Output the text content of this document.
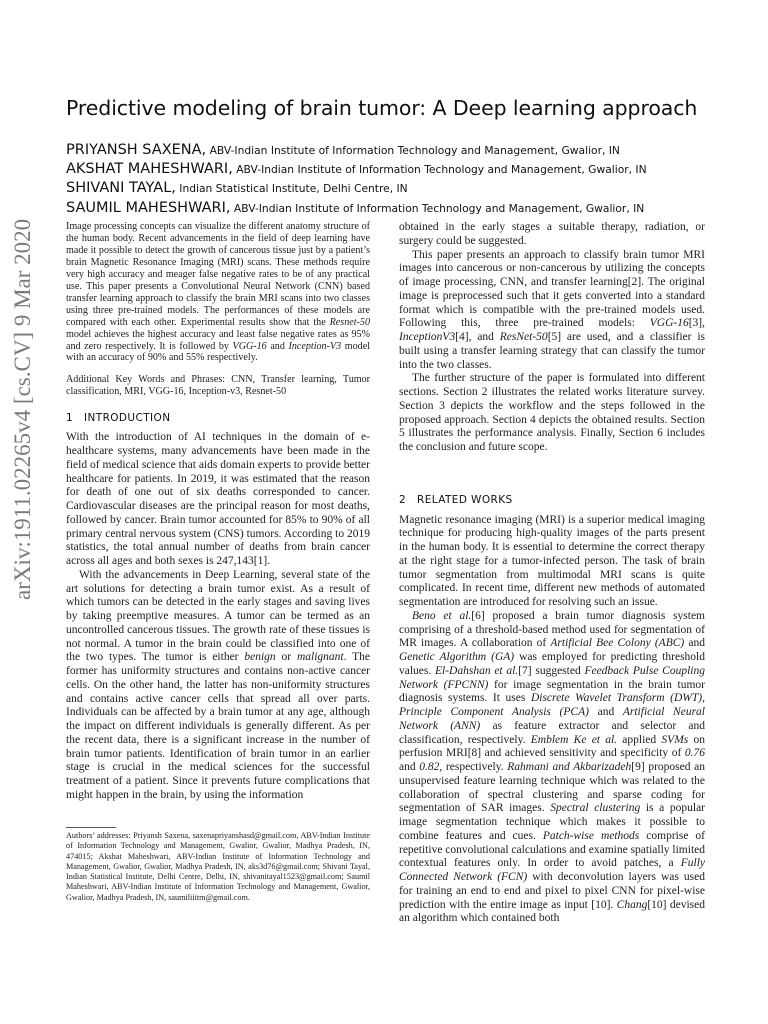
arXiv:1911.02265v4 [cs.CV] 9 Mar 2020
Predictive modeling of brain tumor: A Deep learning approach
PRIYANSH SAXENA, ABV-Indian Institute of Information Technology and Management, Gwalior, IN
AKSHAT MAHESHWARI, ABV-Indian Institute of Information Technology and Management, Gwalior, IN
SHIVANI TAYAL, Indian Statistical Institute, Delhi Centre, IN
SAUMIL MAHESHWARI, ABV-Indian Institute of Information Technology and Management, Gwalior, IN

Image processing concepts can visualize the different anatomy structure of the human body. Recent advancements in the field of deep learning have made it possible to detect the growth of cancerous tissue just by a patient’s brain Magnetic Resonance Imaging (MRI) scans. These methods require very high accuracy and meager false negative rates to be of any practical use. This paper presents a Convolutional Neural Network (CNN) based transfer learning approach to classify the brain MRI scans into two classes using three pre-trained models. The performances of these models are compared with each other. Experimental results show that the Resnet-50 model achieves the highest accuracy and least false negative rates as 95% and zero respectively. It is followed by VGG-16 and Inception-V3 model with an accuracy of 90% and 55% respectively.

Additional Key Words and Phrases: CNN, Transfer learning, Tumor classification, MRI, VGG-16, Inception-v3, Resnet-50

1 INTRODUCTION

With the introduction of AI techniques in the domain of e-healthcare systems, many advancements have been made in the field of medical science that aids domain experts to provide better healthcare for patients. In 2019, it was estimated that the reason for death of one out of six deaths corresponded to cancer. Cardiovascular diseases are the principal reason for most deaths, followed by cancer. Brain tumor accounted for 85% to 90% of all primary central nervous system (CNS) tumors. According to 2019 statistics, the total annual number of deaths from brain cancer across all ages and both sexes is 247,143[1].

With the advancements in Deep Learning, several state of the art solutions for detecting a brain tumor exist. As a result of which tumors can be detected in the early stages and saving lives by taking preemptive measures. A tumor can be termed as an uncontrolled cancerous tissues. The growth rate of these tissues is not normal. A tumor in the brain could be classified into one of the two types. The tumor is either benign or malignant. The former has uniformity structures and contains non-active cancer cells. On the other hand, the latter has non-uniformity structures and contains active cancer cells that spread all over parts. Individuals can be affected by a brain tumor at any age, although the impact on different individuals is generally different. As per the recent data, there is a significant increase in the number of brain tumor patients. Identification of brain tumor in an earlier stage is crucial in the medical sciences for the successful treatment of a patient. Since it prevents future complications that might happen in the brain, by using the information

Authors’ addresses: Priyansh Saxena, saxenapriyanshasd@gmail.com, ABV-Indian Institute of Information Technology and Management, Gwalior, Gwalior, Madhya Pradesh, IN, 474015; Akshat Maheshwari, ABV-Indian Institute of Information Technology and Management, Gwalior, Gwalior, Madhya Pradesh, IN, aks3d76@gmail.com; Shivani Tayal, Indian Statistical Institute, Delhi Centre, Delhi, IN, shivanitayal1523@gmail.com; Saumil Maheshwari, ABV-Indian Institute of Information Technology and Management, Gwalior, Gwalior, Madhya Pradesh, IN, saumiliiitm@gmail.com.

obtained in the early stages a suitable therapy, radiation, or surgery could be suggested.

This paper presents an approach to classify brain tumor MRI images into cancerous or non-cancerous by utilizing the concepts of image processing, CNN, and transfer learning[2]. The original image is preprocessed such that it gets converted into a standard format which is compatible with the pre-trained models used. Following this, three pre-trained models: VGG-16[3], InceptionV3[4], and ResNet-50[5] are used, and a classifier is built using a transfer learning strategy that can classify the tumor into the two classes.

The further structure of the paper is formulated into different sections. Section 2 illustrates the related works literature survey. Section 3 depicts the workflow and the steps followed in the proposed approach. Section 4 depicts the obtained results. Section 5 illustrates the performance analysis. Finally, Section 6 includes the conclusion and future scope.

2 RELATED WORKS

Magnetic resonance imaging (MRI) is a superior medical imaging technique for producing high-quality images of the parts present in the human body. It is essential to determine the correct therapy at the right stage for a tumor-infected person. The task of brain tumor segmentation from multimodal MRI scans is quite complicated. In recent time, different new methods of automated segmentation are introduced for resolving such an issue.

Beno et al.[6] proposed a brain tumor diagnosis system comprising of a threshold-based method used for segmentation of MR images. A collaboration of Artificial Bee Colony (ABC) and Genetic Algorithm (GA) was employed for predicting threshold values. El-Dahshan et al.[7] suggested Feedback Pulse Coupling Network (FPCNN) for image segmentation in the brain tumor diagnosis systems. It uses Discrete Wavelet Transform (DWT), Principle Component Analysis (PCA) and Artificial Neural Network (ANN) as feature extractor and selector and classification, respectively. Emblem Ke et al. applied SVMs on perfusion MRI[8] and achieved sensitivity and specificity of 0.76 and 0.82, respectively. Rahmani and Akbarizadeh[9] proposed an unsupervised feature learning technique which was related to the collaboration of spectral clustering and sparse coding for segmentation of SAR images. Spectral clustering is a popular image segmentation technique which makes it possible to combine features and cues. Patch-wise methods comprise of repetitive convolutional calculations and examine spatially limited contextual features only. In order to avoid patches, a Fully Connected Network (FCN) with deconvolution layers was used for training an end to end and pixel to pixel CNN for pixel-wise prediction with the entire image as input [10]. Chang[10] devised an algorithm which contained both
